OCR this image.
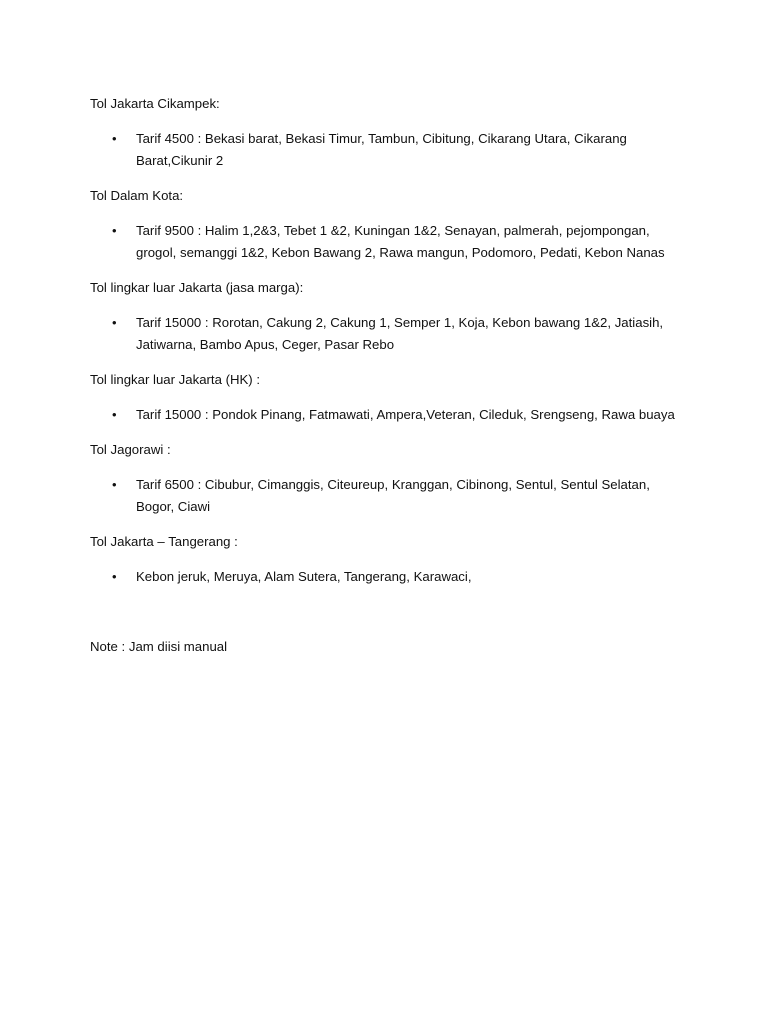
Tol Jakarta Cikampek:

• Tarif 4500 : Bekasi barat, Bekasi Timur, Tambun, Cibitung, Cikarang Utara, Cikarang Barat,Cikunir 2

Tol Dalam Kota:

• Tarif 9500 : Halim 1,2&3, Tebet 1 &2, Kuningan 1&2, Senayan, palmerah, pejompongan, grogol, semanggi 1&2, Kebon Bawang 2, Rawa mangun, Podomoro, Pedati, Kebon Nanas

Tol lingkar luar Jakarta (jasa marga):

• Tarif 15000 : Rorotan, Cakung 2, Cakung 1, Semper 1, Koja, Kebon bawang 1&2, Jatiasih, Jatiwarna, Bambo Apus, Ceger, Pasar Rebo

Tol lingkar luar Jakarta (HK) :

• Tarif 15000 : Pondok Pinang, Fatmawati, Ampera,Veteran, Cileduk, Srengseng, Rawa buaya

Tol Jagorawi :

• Tarif 6500 : Cibubur, Cimanggis, Citeureup, Kranggan, Cibinong, Sentul, Sentul Selatan, Bogor, Ciawi

Tol Jakarta – Tangerang :

• Kebon jeruk, Meruya, Alam Sutera, Tangerang, Karawaci,

Note : Jam diisi manual
